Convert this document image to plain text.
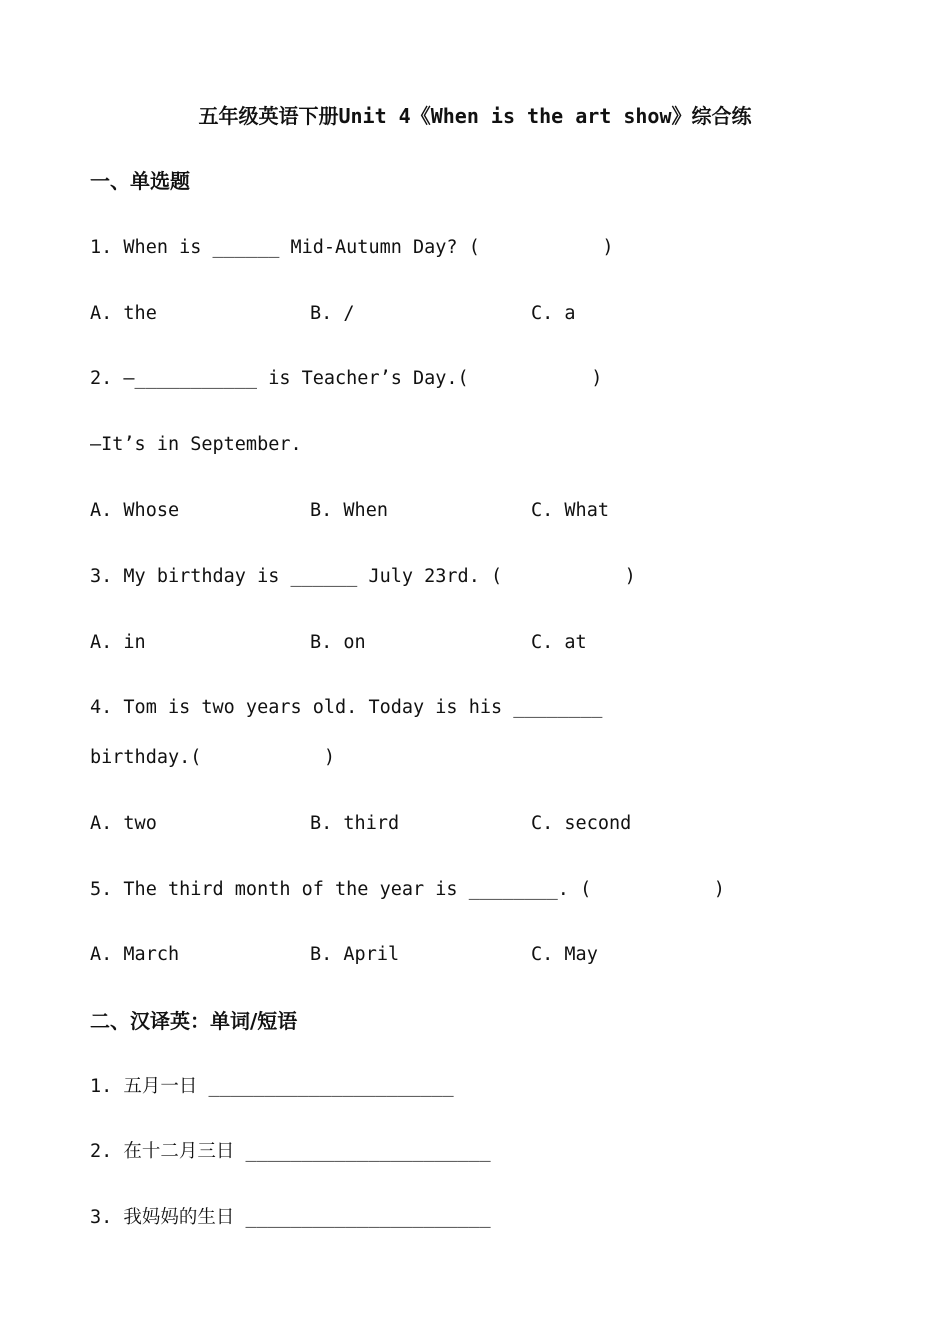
五年级英语下册Unit 4《When is the art show》综合练
一、单选题
1. When is ______ Mid-Autumn Day? (           )
A. the	B. /	C. a
2. —___________ is Teacher’s Day.(           )
—It’s in September.
A. Whose	B. When	C. What
3. My birthday is ______ July 23rd. (           )
A. in	B. on	C. at
4. Tom is two years old. Today is his ________
birthday.(           )
A. two	B. third	C. second
5. The third month of the year is ________. (           )
A. March	B. April	C. May
二、汉译英：单词/短语
1. 五月一日 ______________________
2. 在十二月三日 ______________________
3. 我妈妈的生日 ______________________
